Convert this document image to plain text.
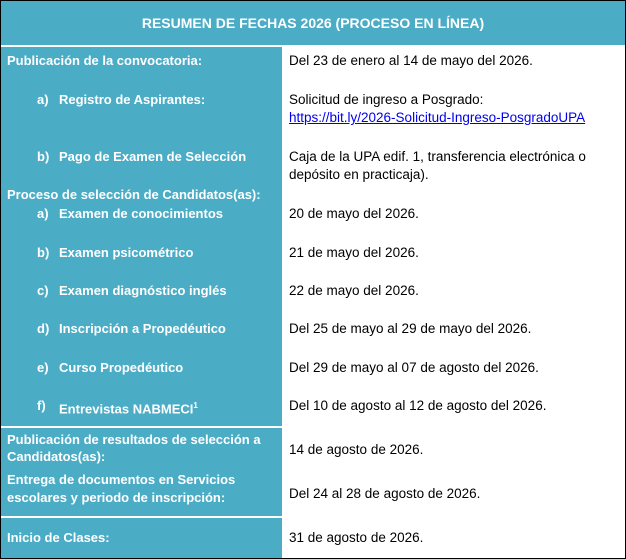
RESUMEN DE FECHAS 2026 (PROCESO EN LÍNEA)
Publicación de la convocatoria:
a) Registro de Aspirantes:
b) Pago de Examen de Selección
Proceso de selección de Candidatos(as):
a) Examen de conocimientos
b) Examen psicométrico
c) Examen diagnóstico inglés
d) Inscripción a Propedéutico
e) Curso Propedéutico
f) Entrevistas NABMECI$^1$
Del 23 de enero al 14 de mayo del 2026.
Solicitud de ingreso a Posgrado:
https://bit.ly/2026-Solicitud-Ingreso-PosgradoUPA
Caja de la UPA edif. 1, transferencia electrónica o
depósito en practicaja).
20 de mayo del 2026.
21 de mayo del 2026.
22 de mayo del 2026.
Del 25 de mayo al 29 de mayo del 2026.
Del 29 de mayo al 07 de agosto del 2026.
Del 10 de agosto al 12 de agosto del 2026.
Publicación de resultados de selección a
Candidatos(as):
Entrega de documentos en Servicios
escolares y periodo de inscripción:
14 de agosto de 2026.
Del 24 al 28 de agosto de 2026.
Inicio de Clases:	31 de agosto de 2026.
